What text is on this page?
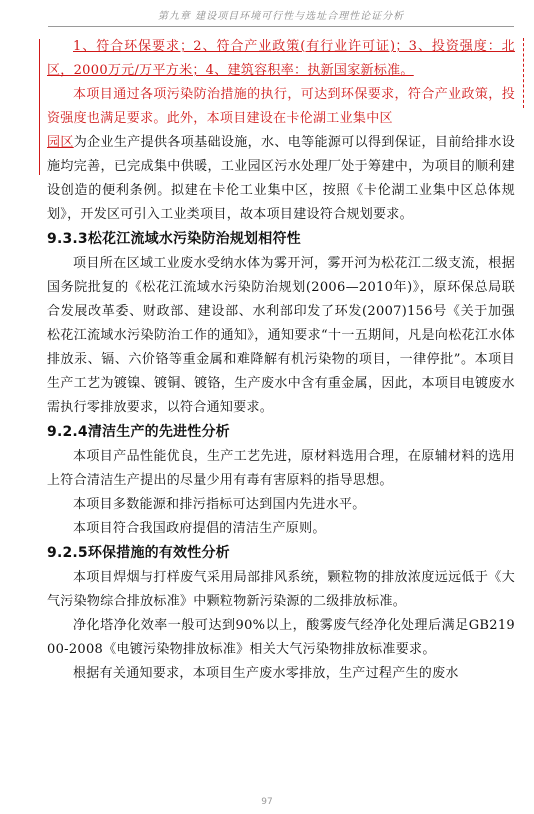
第九章 建设项目环境可行性与选址合理性论证分析

1、符合环保要求；2、符合产业政策(有行业许可证)；3、投资强度：北区，2000万元/万平方米；4、建筑容积率：执新国家新标准。

本项目通过各项污染防治措施的执行，可达到环保要求，符合产业政策，投资强度也满足要求。此外，本项目建设在卡伦湖工业集中区

园区为企业生产提供各项基础设施，水、电等能源可以得到保证，目前给排水设施均完善，已完成集中供暖，工业园区污水处理厂处于筹建中，为项目的顺利建设创造的便利条例。拟建在卡伦工业集中区，按照《卡伦湖工业集中区总体规划》，开发区可引入工业类项目，故本项目建设符合规划要求。

9.3.3松花江流域水污染防治规划相符性

项目所在区域工业废水受纳水体为雾开河，雾开河为松花江二级支流，根据国务院批复的《松花江流域水污染防治规划(2006—2010年)》，原环保总局联合发展改革委、财政部、建设部、水利部印发了环发(2007)156号《关于加强松花江流域水污染防治工作的通知》，通知要求“十一五期间，凡是向松花江水体排放汞、镉、六价铬等重金属和难降解有机污染物的项目，一律停批”。本项目生产工艺为镀镍、镀铜、镀铬，生产废水中含有重金属，因此，本项目电镀废水需执行零排放要求，以符合通知要求。

9.2.4清洁生产的先进性分析

本项目产品性能优良，生产工艺先进，原材料选用合理，在原辅材料的选用上符合清洁生产提出的尽量少用有毒有害原料的指导思想。

本项目多数能源和排污指标可达到国内先进水平。

本项目符合我国政府提倡的清洁生产原则。

9.2.5环保措施的有效性分析

本项目焊烟与打样废气采用局部排风系统，颗粒物的排放浓度远远低于《大气污染物综合排放标准》中颗粒物新污染源的二级排放标准。

净化塔净化效率一般可达到90%以上，酸雾废气经净化处理后满足GB21900-2008《电镀污染物排放标准》相关大气污染物排放标准要求。

根据有关通知要求，本项目生产废水零排放，生产过程产生的废水

97
